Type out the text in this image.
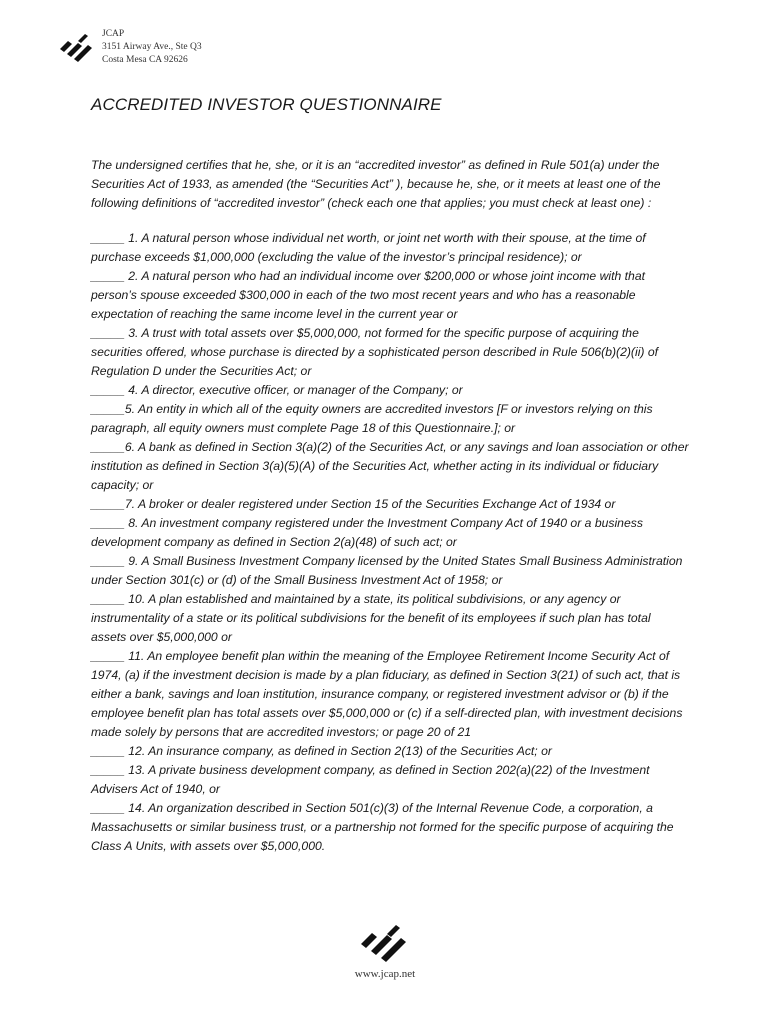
JCAP
3151 Airway Ave., Ste Q3
Costa Mesa CA 92626
ACCREDITED INVESTOR QUESTIONNAIRE

The undersigned certifies that he, she, or it is an “accredited investor” as defined in Rule 501(a) under the Securities Act of 1933, as amended (the “Securities Act” ), because he, she, or it meets at least one of the following definitions of “accredited investor” (check each one that applies; you must check at least one) :

_____ 1. A natural person whose individual net worth, or joint net worth with their spouse, at the time of purchase exceeds $1,000,000 (excluding the value of the investor’s principal residence); or
_____ 2. A natural person who had an individual income over $200,000 or whose joint income with that person’s spouse exceeded $300,000 in each of the two most recent years and who has a reasonable expectation of reaching the same income level in the current year or
_____ 3. A trust with total assets over $5,000,000, not formed for the specific purpose of acquiring the securities offered, whose purchase is directed by a sophisticated person described in Rule 506(b)(2)(ii) of Regulation D under the Securities Act; or
_____ 4. A director, executive officer, or manager of the Company; or
_____5. An entity in which all of the equity owners are accredited investors [F or investors relying on this paragraph, all equity owners must complete Page 18 of this Questionnaire.]; or
_____6. A bank as defined in Section 3(a)(2) of the Securities Act, or any savings and loan association or other institution as defined in Section 3(a)(5)(A) of the Securities Act, whether acting in its individual or fiduciary capacity; or
_____7. A broker or dealer registered under Section 15 of the Securities Exchange Act of 1934 or
_____ 8. An investment company registered under the Investment Company Act of 1940 or a business development company as defined in Section 2(a)(48) of such act; or
_____ 9. A Small Business Investment Company licensed by the United States Small Business Administration under Section 301(c) or (d) of the Small Business Investment Act of 1958; or
_____ 10. A plan established and maintained by a state, its political subdivisions, or any agency or instrumentality of a state or its political subdivisions for the benefit of its employees if such plan has total assets over $5,000,000 or
_____ 11. An employee benefit plan within the meaning of the Employee Retirement Income Security Act of 1974, (a) if the investment decision is made by a plan fiduciary, as defined in Section 3(21) of such act, that is either a bank, savings and loan institution, insurance company, or registered investment advisor or (b) if the employee benefit plan has total assets over $5,000,000 or (c) if a self-directed plan, with investment decisions made solely by persons that are accredited investors; or page 20 of 21
_____ 12. An insurance company, as defined in Section 2(13) of the Securities Act; or
_____ 13. A private business development company, as defined in Section 202(a)(22) of the Investment Advisers Act of 1940, or
_____ 14. An organization described in Section 501(c)(3) of the Internal Revenue Code, a corporation, a Massachusetts or similar business trust, or a partnership not formed for the specific purpose of acquiring the Class A Units, with assets over $5,000,000.
www.jcap.net
